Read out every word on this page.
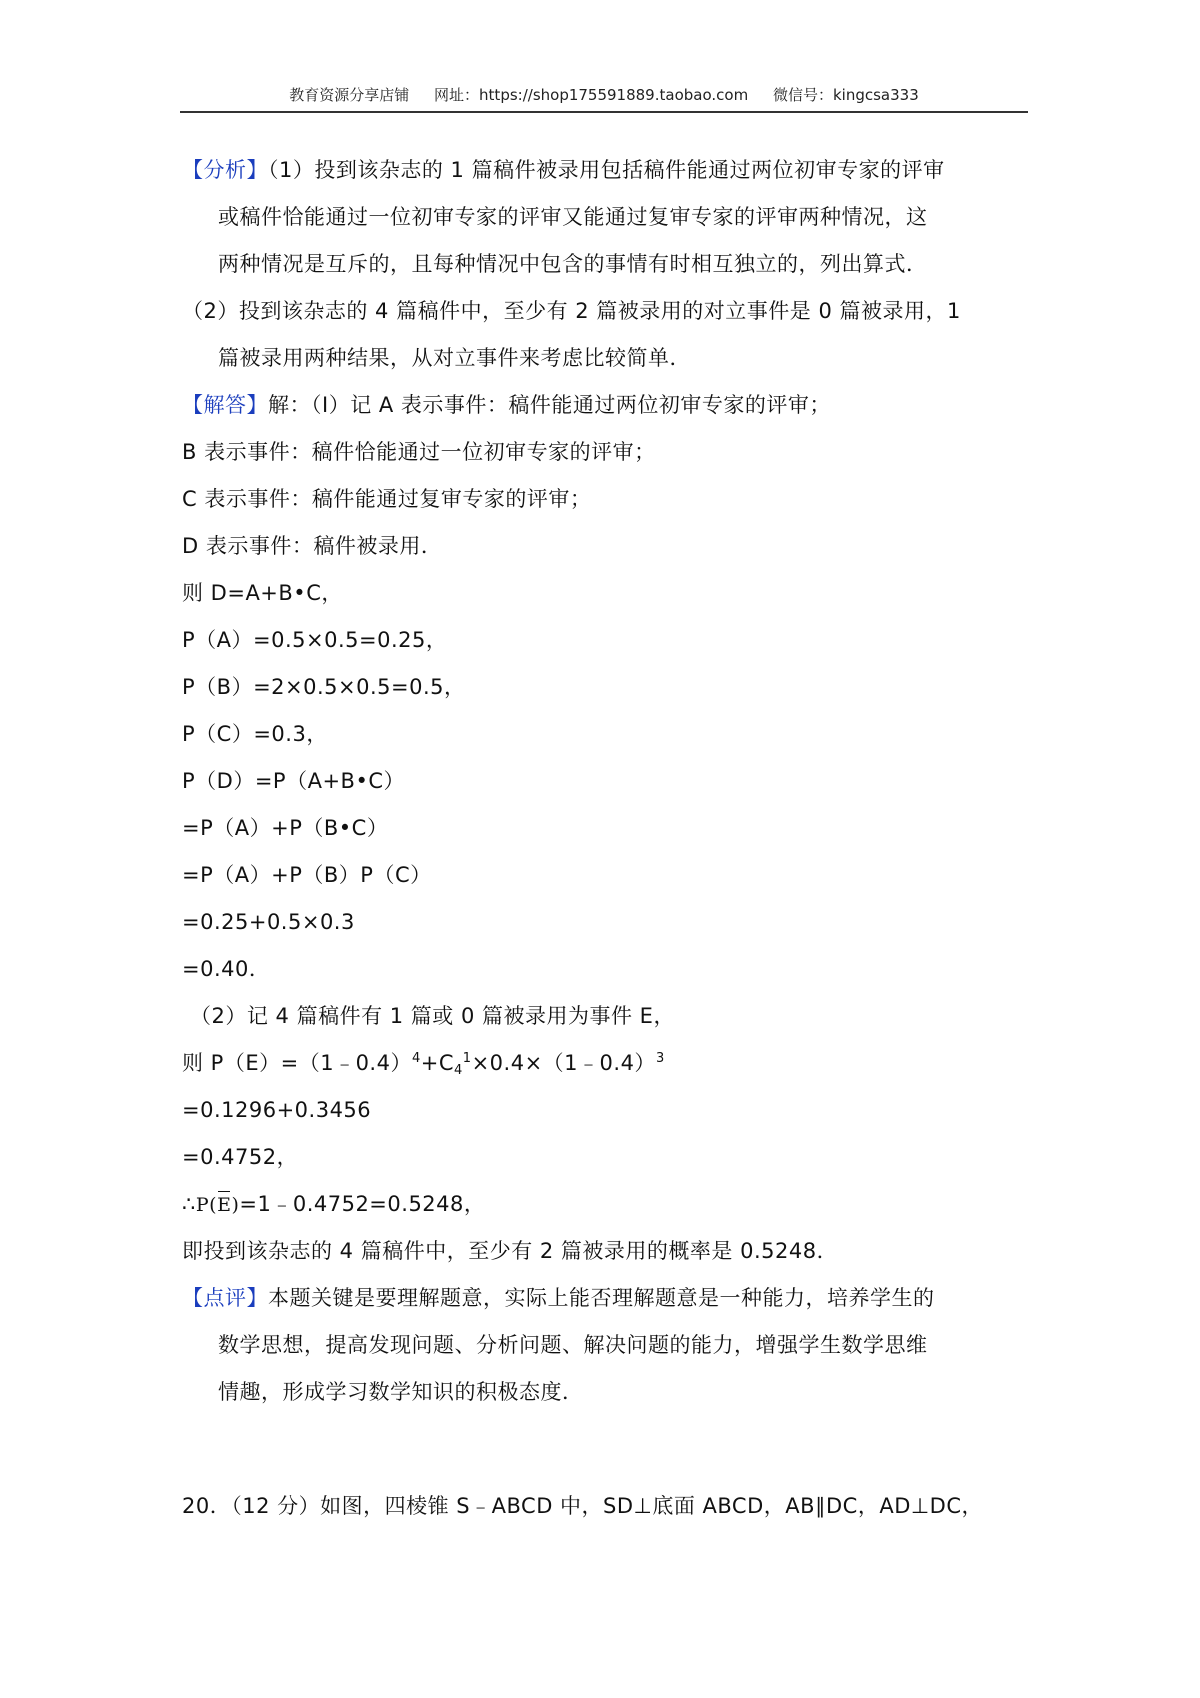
教育资源分享店铺 网址：https://shop175591889.taobao.com 微信号：kingcsa333
【分析】（1）投到该杂志的 1 篇稿件被录用包括稿件能通过两位初审专家的评审
或稿件恰能通过一位初审专家的评审又能通过复审专家的评审两种情况，这
两种情况是互斥的，且每种情况中包含的事情有时相互独立的，列出算式．
（2）投到该杂志的 4 篇稿件中，至少有 2 篇被录用的对立事件是 0 篇被录用，1
篇被录用两种结果，从对立事件来考虑比较简单．
【解答】解：（Ⅰ）记 A 表示事件：稿件能通过两位初审专家的评审；
B 表示事件：稿件恰能通过一位初审专家的评审；
C 表示事件：稿件能通过复审专家的评审；
D 表示事件：稿件被录用．
则 D=A+B•C，
P（A）=0.5×0.5=0.25，
P（B）=2×0.5×0.5=0.5，
P（C）=0.3，
P（D）=P（A+B•C）
=P（A）+P（B•C）
=P（A）+P（B）P（C）
=0.25+0.5×0.3
=0.40．
（2）记 4 篇稿件有 1 篇或 0 篇被录用为事件 E，
则 $P(E)=(1﹣0.4)^4+C_4^1\times 0.4\times(1﹣0.4)^3$
=0.1296+0.3456
=0.4752，
∴P(E)=1﹣0.4752=0.5248，
即投到该杂志的 4 篇稿件中，至少有 2 篇被录用的概率是 0.5248．
【点评】本题关键是要理解题意，实际上能否理解题意是一种能力，培养学生的
数学思想，提高发现问题、分析问题、解决问题的能力，增强学生数学思维
情趣，形成学习数学知识的积极态度．
20．（12 分）如图，四棱锥 S﹣ABCD 中，SD⊥底面 ABCD，AB∥DC，AD⊥DC，
